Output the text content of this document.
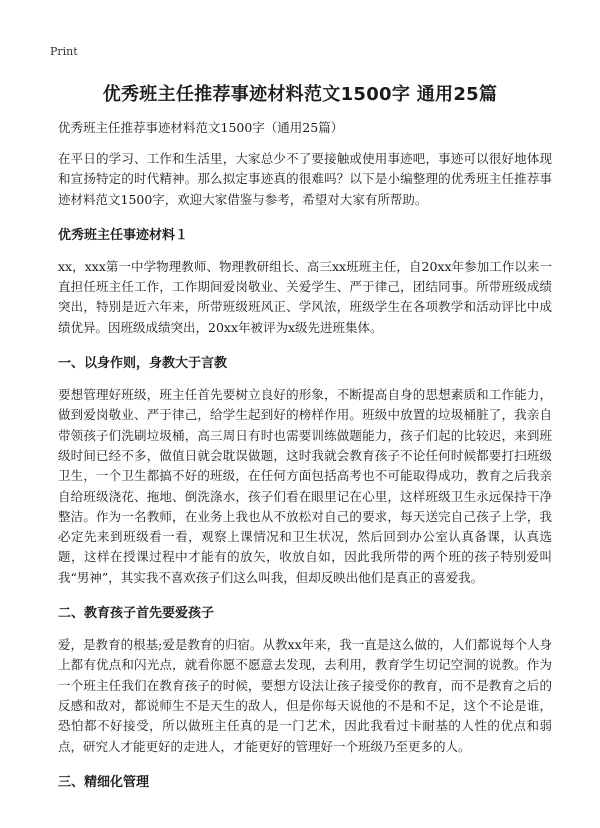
Print
优秀班主任推荐事迹材料范文1500字 通用25篇
优秀班主任推荐事迹材料范文1500字（通用25篇）

在平日的学习、工作和生活里，大家总少不了要接触或使用事迹吧，事迹可以很好地体现和宣扬特定的时代精神。那么拟定事迹真的很难吗？以下是小编整理的优秀班主任推荐事迹材料范文1500字，欢迎大家借鉴与参考，希望对大家有所帮助。

优秀班主任事迹材料１

xx，xxx第一中学物理教师、物理教研组长、高三xx班班主任，自20xx年参加工作以来一直担任班主任工作，工作期间爱岗敬业、关爱学生、严于律己，团结同事。所带班级成绩突出，特别是近六年来，所带班级班风正、学风浓，班级学生在各项教学和活动评比中成绩优异。因班级成绩突出，20xx年被评为x级先进班集体。

一、以身作则，身教大于言教

要想管理好班级，班主任首先要树立良好的形象，不断提高自身的思想素质和工作能力，做到爱岗敬业、严于律己，给学生起到好的榜样作用。班级中放置的垃圾桶脏了，我亲自带领孩子们洗刷垃圾桶，高三周日有时也需要训练做题能力，孩子们起的比较迟，来到班级时间已经不多，做值日就会耽误做题，这时我就会教育孩子不论任何时候都要打扫班级卫生，一个卫生都搞不好的班级，在任何方面包括高考也不可能取得成功，教育之后我亲自给班级浇花、拖地、倒洗涤水，孩子们看在眼里记在心里，这样班级卫生永远保持干净整洁。作为一名教师，在业务上我也从不放松对自己的要求，每天送完自己孩子上学，我必定先来到班级看一看，观察上课情况和卫生状况，然后回到办公室认真备课，认真选题，这样在授课过程中才能有的放矢，收放自如，因此我所带的两个班的孩子特别爱叫我“男神”，其实我不喜欢孩子们这么叫我，但却反映出他们是真正的喜爱我。

二、教育孩子首先要爱孩子

爱，是教育的根基;爱是教育的归宿。从教xx年来，我一直是这么做的，人们都说每个人身上都有优点和闪光点，就看你愿不愿意去发现，去利用，教育学生切记空洞的说教。作为一个班主任我们在教育孩子的时候，要想方设法让孩子接受你的教育，而不是教育之后的反感和敌对，都说师生不是天生的敌人，但是你每天说他的不是和不足，这个不论是谁，恐怕都不好接受，所以做班主任真的是一门艺术，因此我看过卡耐基的人性的优点和弱点，研究人才能更好的走进人，才能更好的管理好一个班级乃至更多的人。

三、精细化管理
